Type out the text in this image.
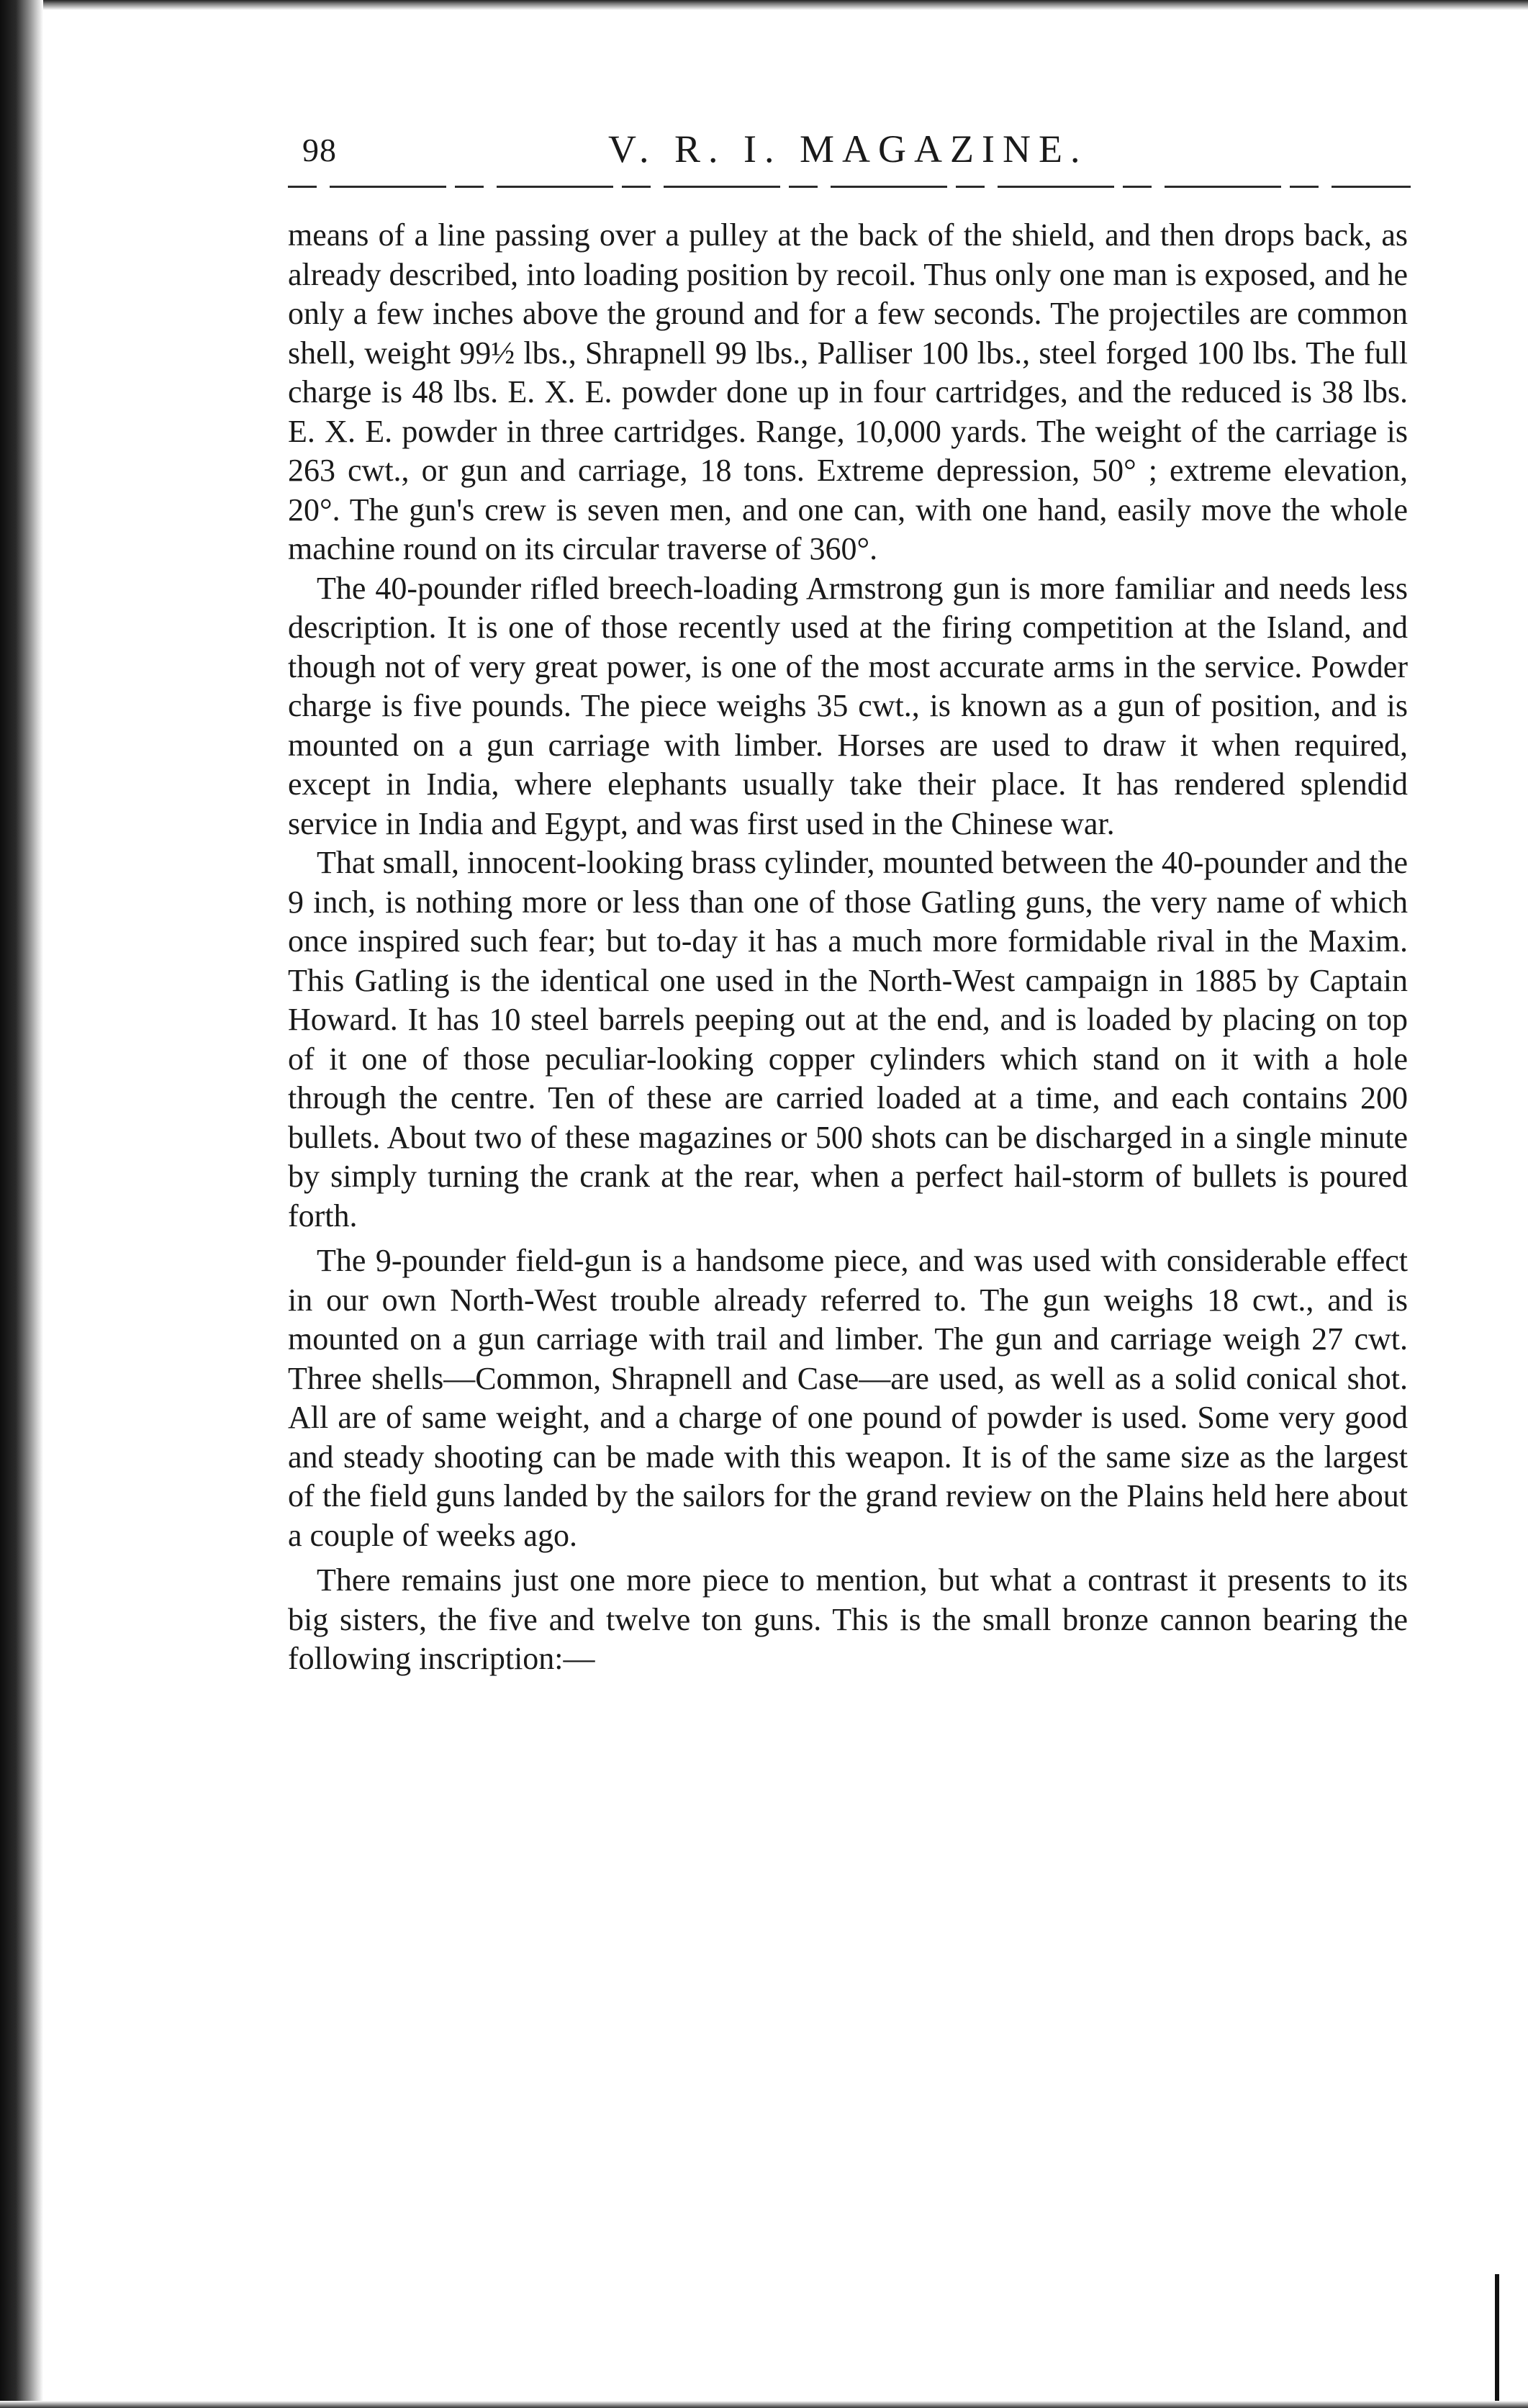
98	V. R. I. MAGAZINE.

means of a line passing over a pulley at the back of the shield, and then drops back, as already described, into loading position by recoil. Thus only one man is exposed, and he only a few inches above the ground and for a few seconds. The projectiles are common shell, weight 99½ lbs., Shrapnell 99 lbs., Palliser 100 lbs., steel forged 100 lbs. The full charge is 48 lbs. E. X. E. powder done up in four cartridges, and the reduced is 38 lbs. E. X. E. powder in three cartridges. Range, 10,000 yards. The weight of the carriage is 263 cwt., or gun and carriage, 18 tons. Extreme depression, 50° ; extreme elevation, 20°. The gun's crew is seven men, and one can, with one hand, easily move the whole machine round on its circular traverse of 360°.

The 40-pounder rifled breech-loading Armstrong gun is more familiar and needs less description. It is one of those recently used at the firing competition at the Island, and though not of very great power, is one of the most accurate arms in the service. Powder charge is five pounds. The piece weighs 35 cwt., is known as a gun of position, and is mounted on a gun carriage with limber. Horses are used to draw it when required, except in India, where elephants usually take their place. It has rendered splendid service in India and Egypt, and was first used in the Chinese war.

That small, innocent-looking brass cylinder, mounted between the 40-pounder and the 9 inch, is nothing more or less than one of those Gatling guns, the very name of which once inspired such fear; but to-day it has a much more formidable rival in the Maxim. This Gatling is the identical one used in the North-West campaign in 1885 by Captain Howard. It has 10 steel barrels peeping out at the end, and is loaded by placing on top of it one of those peculiar-looking copper cylinders which stand on it with a hole through the centre. Ten of these are carried loaded at a time, and each contains 200 bullets. About two of these magazines or 500 shots can be discharged in a single minute by simply turning the crank at the rear, when a perfect hail-storm of bullets is poured forth.

The 9-pounder field-gun is a handsome piece, and was used with considerable effect in our own North-West trouble already referred to. The gun weighs 18 cwt., and is mounted on a gun carriage with trail and limber. The gun and carriage weigh 27 cwt. Three shells—Common, Shrapnell and Case—are used, as well as a solid conical shot. All are of same weight, and a charge of one pound of powder is used. Some very good and steady shooting can be made with this weapon. It is of the same size as the largest of the field guns landed by the sailors for the grand review on the Plains held here about a couple of weeks ago.

There remains just one more piece to mention, but what a contrast it presents to its big sisters, the five and twelve ton guns. This is the small bronze cannon bearing the following inscription:—
